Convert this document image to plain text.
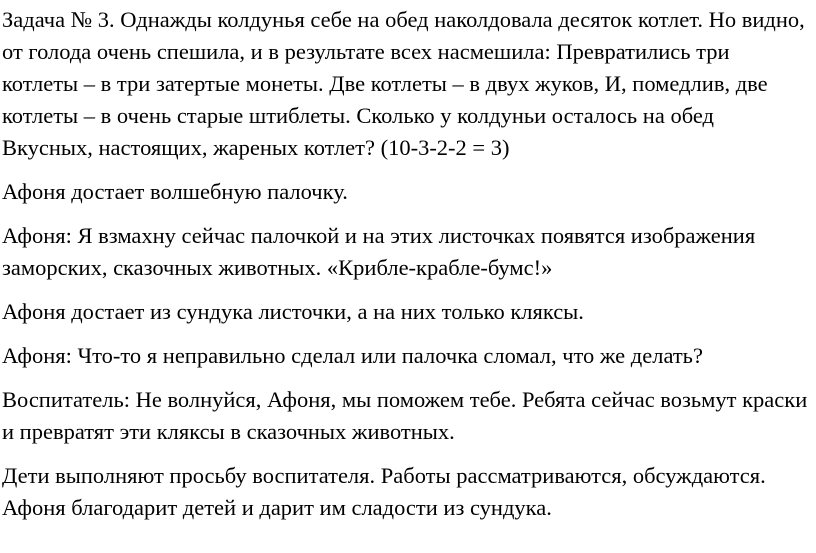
Задача № 3. Однажды колдунья себе на обед наколдовала десяток котлет. Но видно, от голода очень спешила, и в результате всех насмешила: Превратились три котлеты – в три затертые монеты. Две котлеты – в двух жуков, И, помедлив, две котлеты – в очень старые штиблеты. Сколько у колдуньи осталось на обед Вкусных, настоящих, жареных котлет? (10-3-2-2 = 3)

Афоня достает волшебную палочку.

Афоня: Я взмахну сейчас палочкой и на этих листочках появятся изображения заморских, сказочных животных. «Крибле-крабле-бумс!»

Афоня достает из сундука листочки, а на них только кляксы.

Афоня: Что-то я неправильно сделал или палочка сломал, что же делать?

Воспитатель: Не волнуйся, Афоня, мы поможем тебе. Ребята сейчас возьмут краски и превратят эти кляксы в сказочных животных.

Дети выполняют просьбу воспитателя. Работы рассматриваются, обсуждаются. Афоня благодарит детей и дарит им сладости из сундука.
